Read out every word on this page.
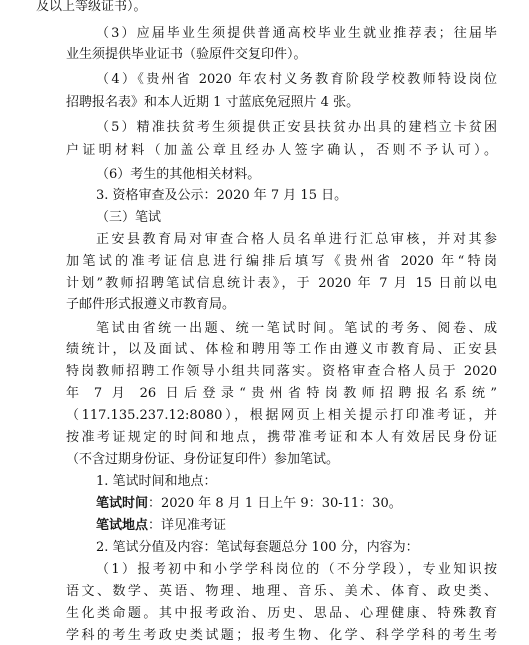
及以上等级证书）。
（3）应届毕业生须提供普通高校毕业生就业推荐表；往届毕
业生须提供毕业证书（验原件交复印件）。
（4）《贵州省 2020 年农村义务教育阶段学校教师特设岗位
招聘报名表》和本人近期 1 寸蓝底免冠照片 4 张。
（5）精准扶贫考生须提供正安县扶贫办出具的建档立卡贫困
户证明材料（加盖公章且经办人签字确认，否则不予认可）。
（6）考生的其他相关材料。
3. 资格审查及公示：2020 年 7 月 15 日。
（三）笔试
正安县教育局对审查合格人员名单进行汇总审核，并对其参
加笔试的准考证信息进行编排后填写《贵州省 2020 年“特岗
计划”教师招聘笔试信息统计表》，于 2020 年 7 月 15 日前以电
子邮件形式报遵义市教育局。
笔试由省统一出题、统一笔试时间。笔试的考务、阅卷、成
绩统计，以及面试、体检和聘用等工作由遵义市教育局、正安县
特岗教师招聘工作领导小组共同落实。资格审查合格人员于 2020
年 7 月 26 日后登录“贵州省特岗教师招聘报名系统”
（117.135.237.12:8080），根据网页上相关提示打印准考证，并
按准考证规定的时间和地点，携带准考证和本人有效居民身份证
（不含过期身份证、身份证复印件）参加笔试。
1. 笔试时间和地点：
笔试时间：2020 年 8 月 1 日上午 9：30-11：30。
笔试地点：详见准考证
2. 笔试分值及内容：笔试每套题总分 100 分，内容为：
（1）报考初中和小学学科岗位的（不分学段），专业知识按
语文、数学、英语、物理、地理、音乐、美术、体育、政史类、
生化类命题。其中报考政治、历史、思品、心理健康、特殊教育
学科的考生考政史类试题；报考生物、化学、科学学科的考生考
